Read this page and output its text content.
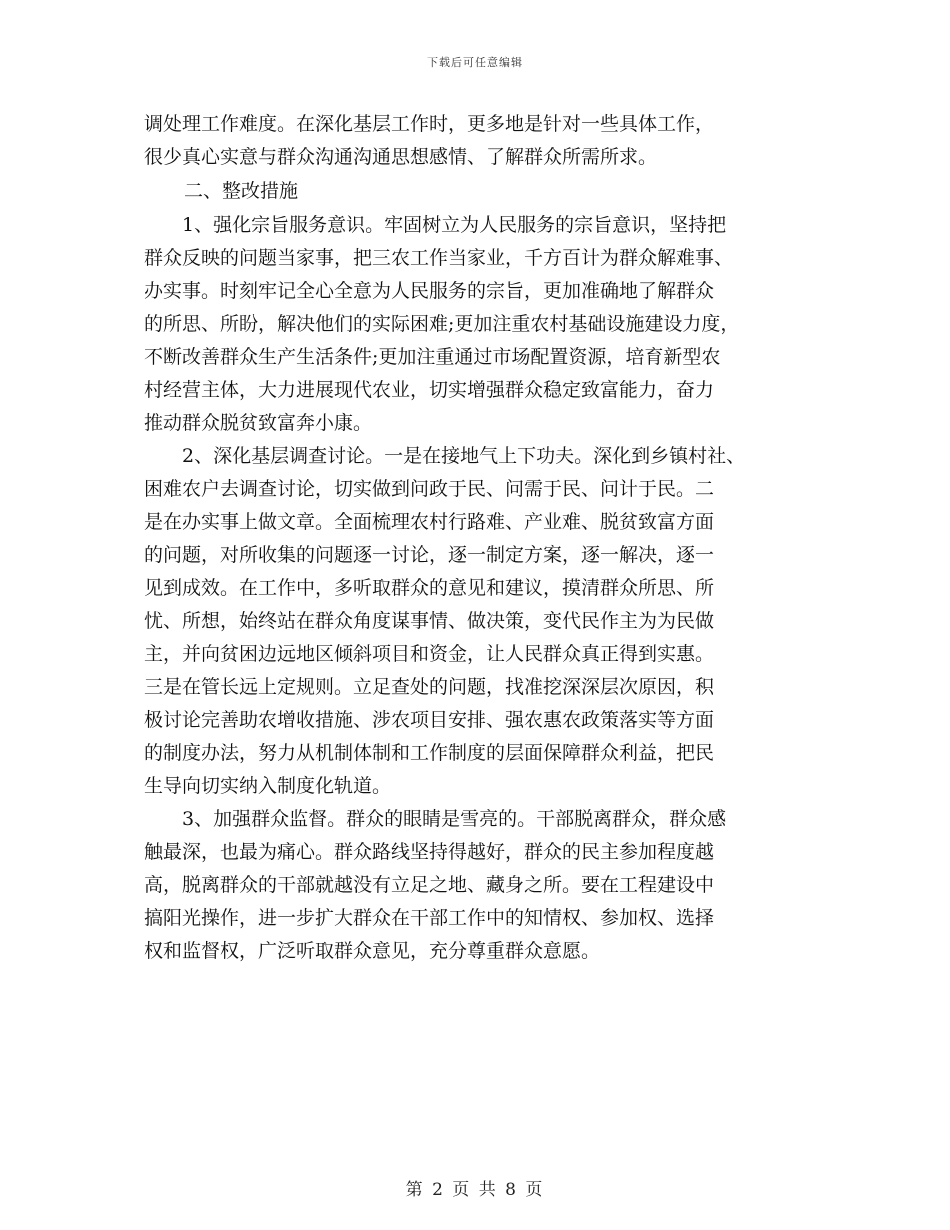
下载后可任意编辑
调处理工作难度。在深化基层工作时，更多地是针对一些具体工作，
很少真心实意与群众沟通沟通思想感情、了解群众所需所求。
二、整改措施
1、强化宗旨服务意识。牢固树立为人民服务的宗旨意识，坚持把
群众反映的问题当家事，把三农工作当家业，千方百计为群众解难事、
办实事。时刻牢记全心全意为人民服务的宗旨，更加准确地了解群众
的所思、所盼，解决他们的实际困难;更加注重农村基础设施建设力度，
不断改善群众生产生活条件;更加注重通过市场配置资源，培育新型农
村经营主体，大力进展现代农业，切实增强群众稳定致富能力，奋力
推动群众脱贫致富奔小康。
2、深化基层调查讨论。一是在接地气上下功夫。深化到乡镇村社、
困难农户去调查讨论，切实做到问政于民、问需于民、问计于民。二
是在办实事上做文章。全面梳理农村行路难、产业难、脱贫致富方面
的问题，对所收集的问题逐一讨论，逐一制定方案，逐一解决，逐一
见到成效。在工作中，多听取群众的意见和建议，摸清群众所思、所
忧、所想，始终站在群众角度谋事情、做决策，变代民作主为为民做
主，并向贫困边远地区倾斜项目和资金，让人民群众真正得到实惠。
三是在管长远上定规则。立足查处的问题，找准挖深深层次原因，积
极讨论完善助农增收措施、涉农项目安排、强农惠农政策落实等方面
的制度办法，努力从机制体制和工作制度的层面保障群众利益，把民
生导向切实纳入制度化轨道。
3、加强群众监督。群众的眼睛是雪亮的。干部脱离群众，群众感
触最深，也最为痛心。群众路线坚持得越好，群众的民主参加程度越
高，脱离群众的干部就越没有立足之地、藏身之所。要在工程建设中
搞阳光操作，进一步扩大群众在干部工作中的知情权、参加权、选择
权和监督权，广泛听取群众意见，充分尊重群众意愿。
第 2 页 共 8 页
